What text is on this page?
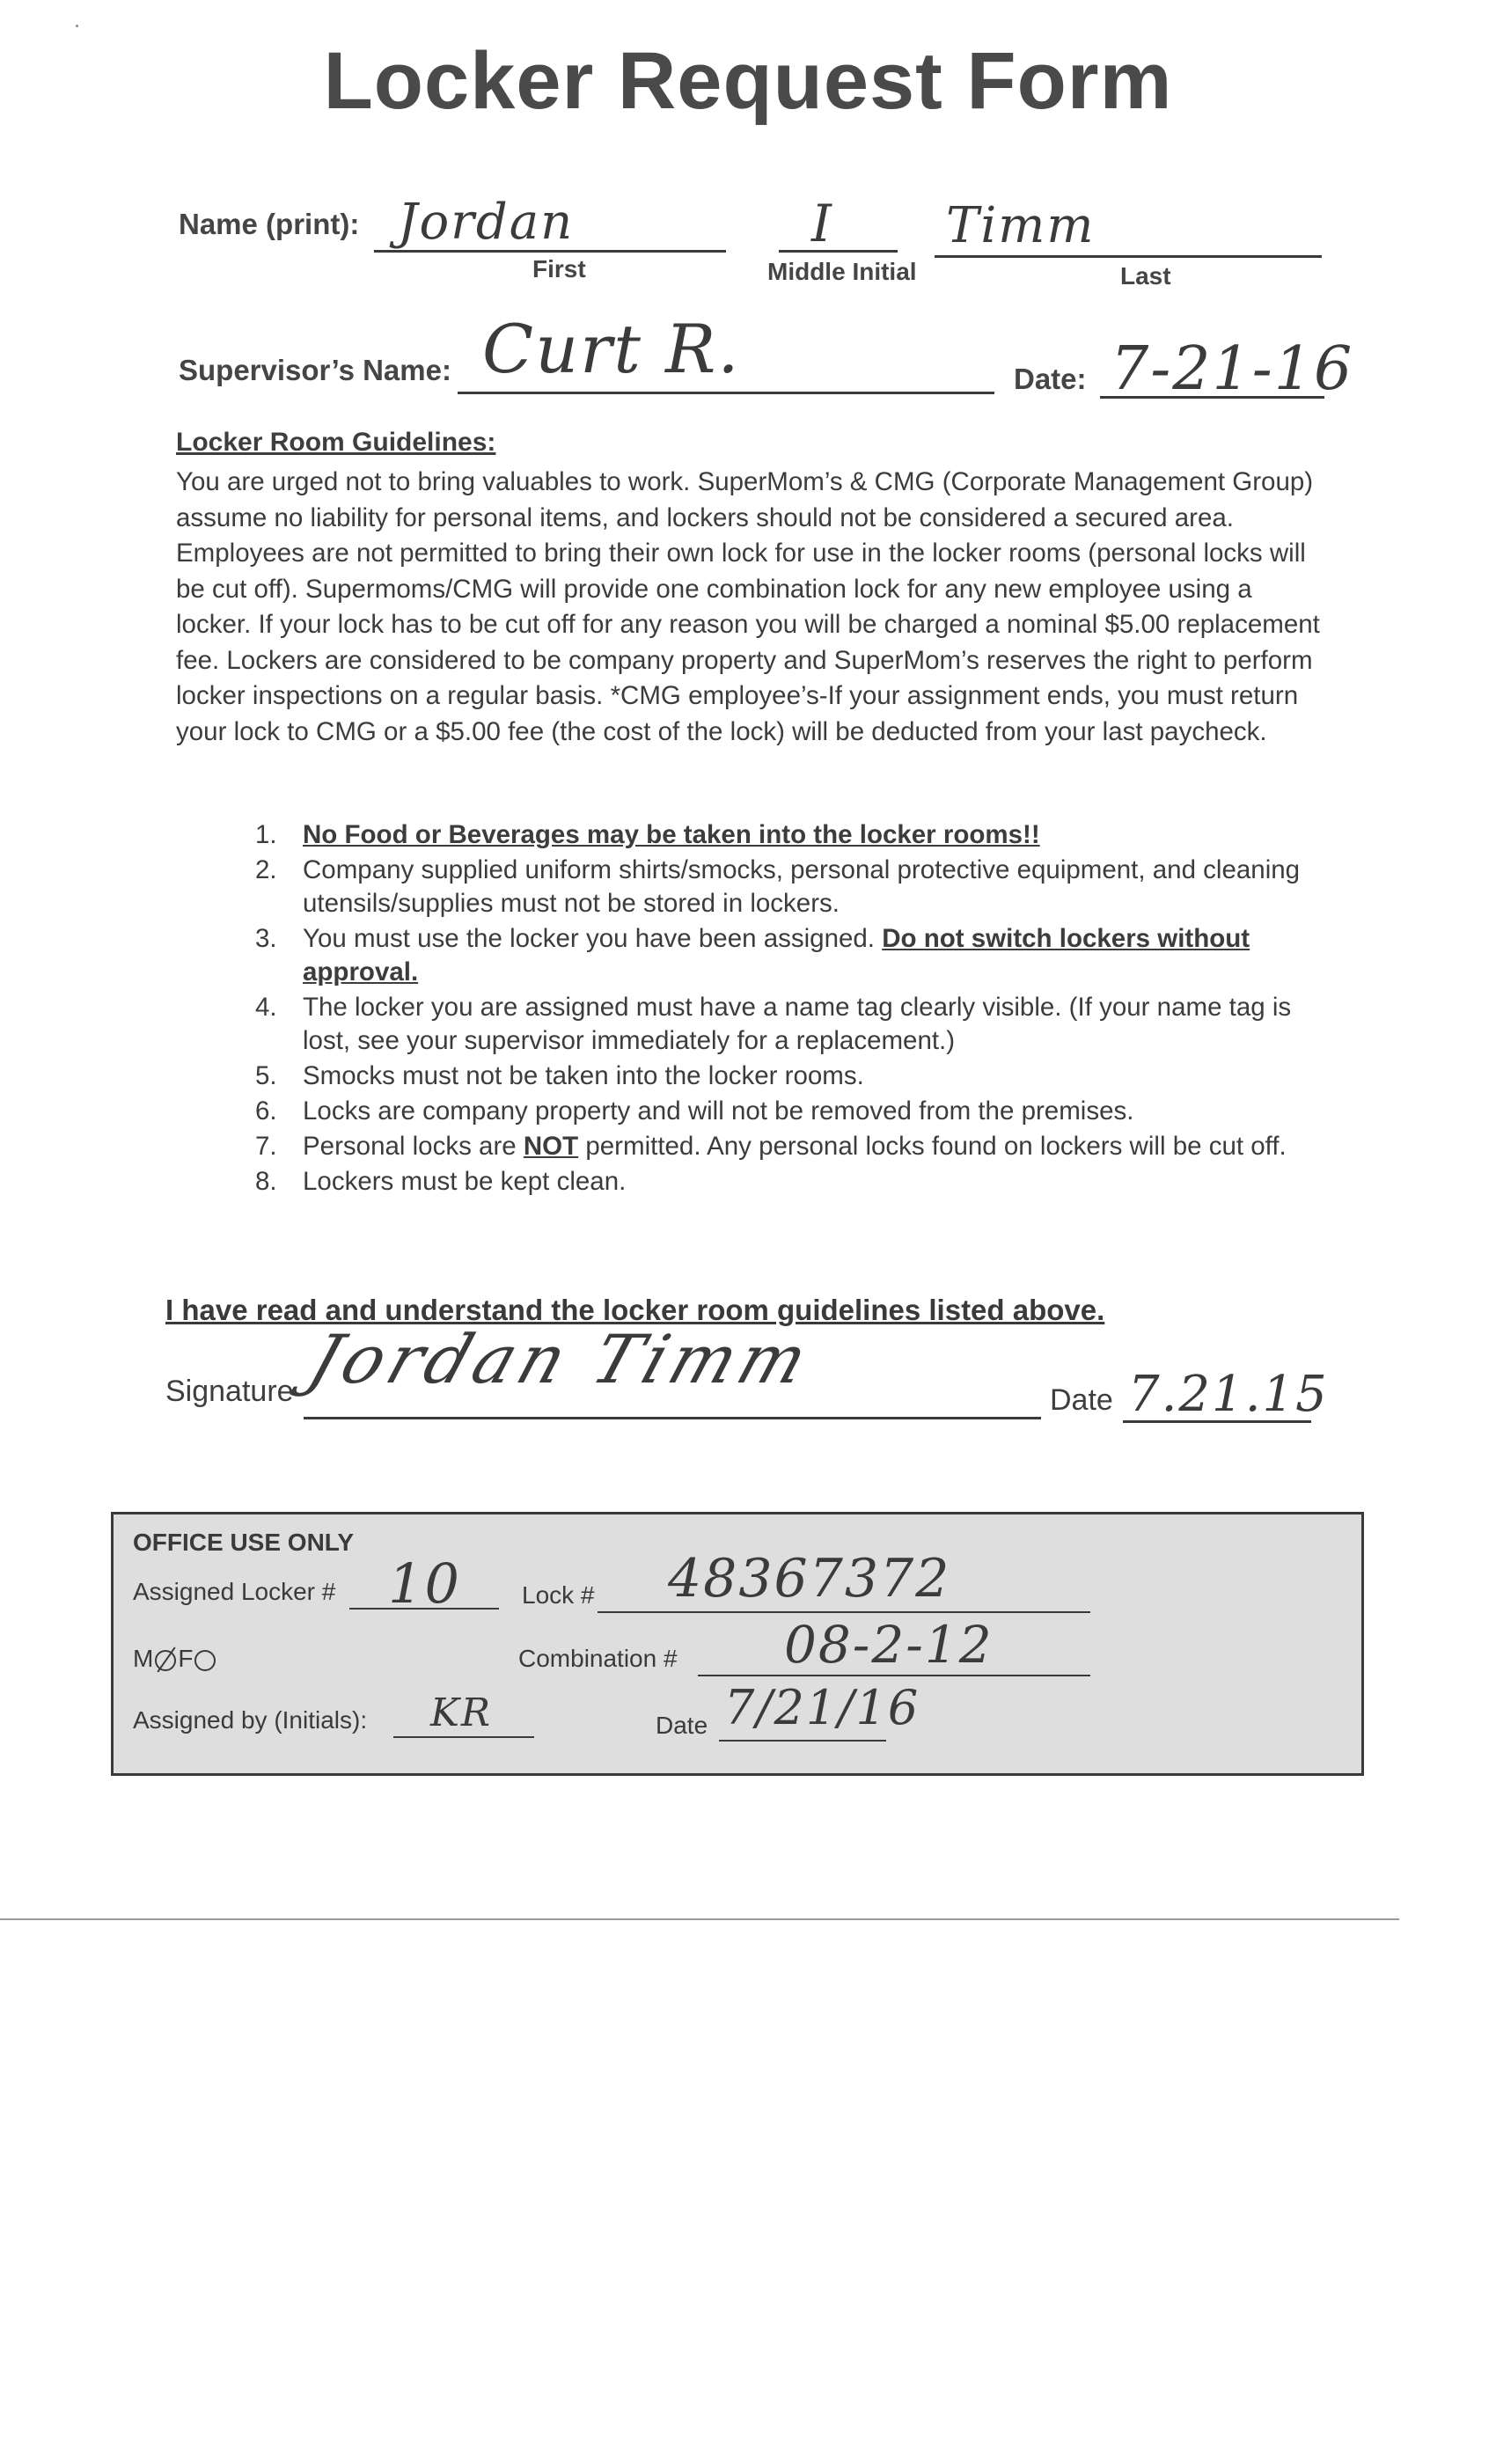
Locker Request Form
Name (print): Jordan
First
I
Middle Initial
Timm
Last
Supervisor’s Name: Curt R.	Date: 7-21-16
Locker Room Guidelines:
You are urged not to bring valuables to work. SuperMom’s & CMG (Corporate Management Group) assume no liability for personal items, and lockers should not be considered a secured area. Employees are not permitted to bring their own lock for use in the locker rooms (personal locks will be cut off). Supermoms/CMG will provide one combination lock for any new employee using a locker. If your lock has to be cut off for any reason you will be charged a nominal $5.00 replacement fee. Lockers are considered to be company property and SuperMom’s reserves the right to perform locker inspections on a regular basis. *CMG employee’s-If your assignment ends, you must return your lock to CMG or a $5.00 fee (the cost of the lock) will be deducted from your last paycheck.
1. No Food or Beverages may be taken into the locker rooms!!
2. Company supplied uniform shirts/smocks, personal protective equipment, and cleaning utensils/supplies must not be stored in lockers.
3. You must use the locker you have been assigned. Do not switch lockers without approval.
4. The locker you are assigned must have a name tag clearly visible. (If your name tag is lost, see your supervisor immediately for a replacement.)
5. Smocks must not be taken into the locker rooms.
6. Locks are company property and will not be removed from the premises.
7. Personal locks are NOT permitted. Any personal locks found on lockers will be cut off.
8. Lockers must be kept clean.
I have read and understand the locker room guidelines listed above.
Signature Jordan Timm
Date 7.21.15
OFFICE USE ONLY
Assigned Locker # 10 Lock # 48367372
M F	Combination # 08-2-12
Assigned by (Initials): KR	Date 7/21/16
